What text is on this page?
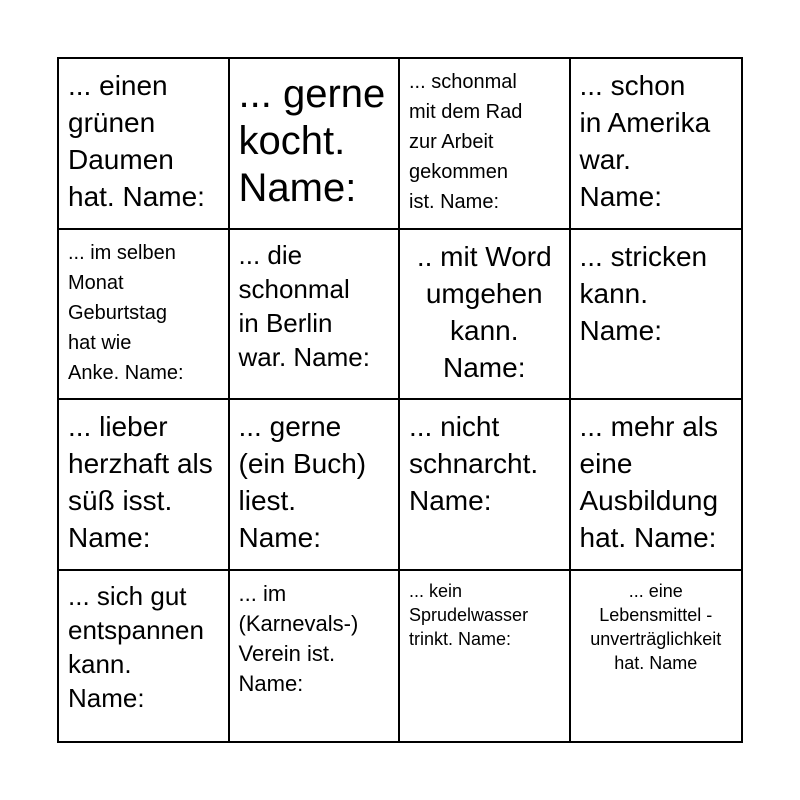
... einen
grünen
Daumen
hat. Name:
... gerne
kocht.
Name:
... schonmal
mit dem Rad
zur Arbeit
gekommen
ist. Name:
... schon
in Amerika
war.
Name:
... im selben
Monat
Geburtstag
hat wie
Anke. Name:
... die
schonmal
in Berlin
war. Name:
.. mit Word
umgehen
kann.
Name:
... stricken
kann.
Name:
... lieber
herzhaft als
süß isst.
Name:
... gerne
(ein Buch)
liest.
Name:
... nicht
schnarcht.
Name:
... mehr als
eine
Ausbildung
hat. Name:
... sich gut
entspannen
kann.
Name:
... im
(Karnevals-)
Verein ist.
Name:
... kein
Sprudelwasser
trinkt. Name:
... eine
Lebensmittel -
unverträglichkeit
hat. Name
